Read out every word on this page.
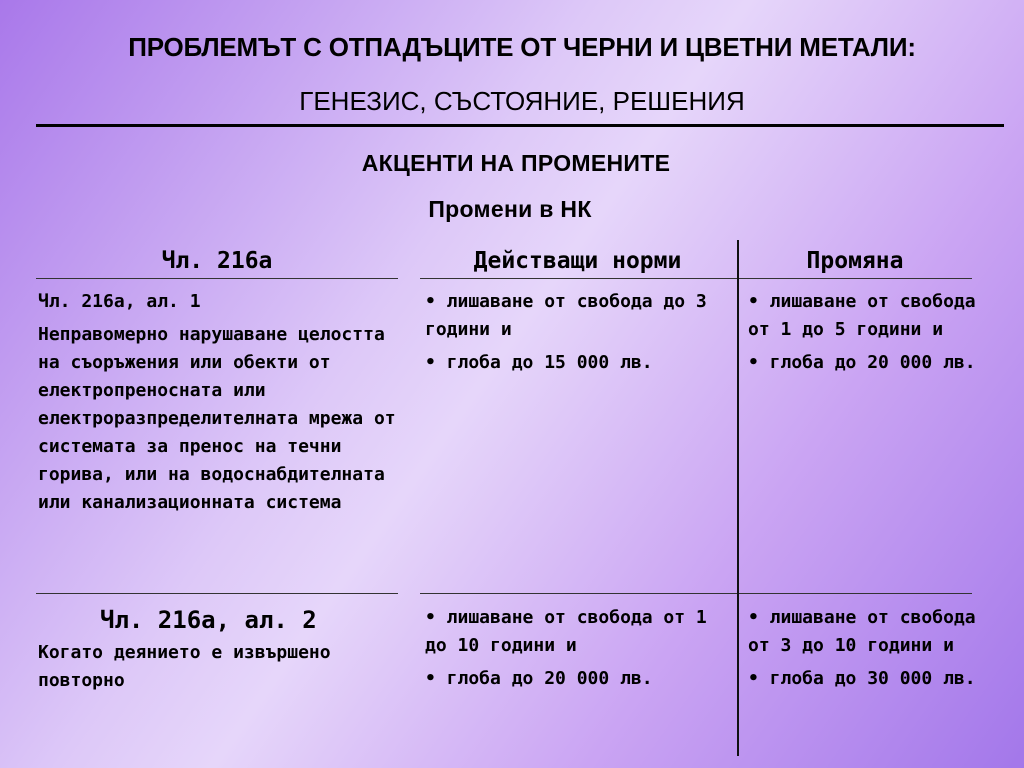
ПРОБЛЕМЪТ С ОТПАДЪЦИТЕ ОТ ЧЕРНИ И ЦВЕТНИ МЕТАЛИ:
ГЕНЕЗИС, СЪСТОЯНИЕ, РЕШЕНИЯ
АКЦЕНТИ НА ПРОМЕНИТЕ
Промени в НК
Чл. 216а	Действащи норми	Промяна

Чл. 216а, ал. 1

Неправомерно нарушаване целостта на съоръжения или обекти от електропреносната или електроразпределителната мрежа от системата за пренос на течни горива, или на водоснабдителната или канализационната система

• лишаване от свобода до 3 години и

• глоба до 15 000 лв.

• лишаване от свобода от 1 до 5 години и

• глоба до 20 000 лв.

Чл. 216а, ал. 2

Когато деянието е извършено повторно

• лишаване от свобода от 1 до 10 години и

• глоба до 20 000 лв.

• лишаване от свобода от 3 до 10 години и

• глоба до 30 000 лв.
